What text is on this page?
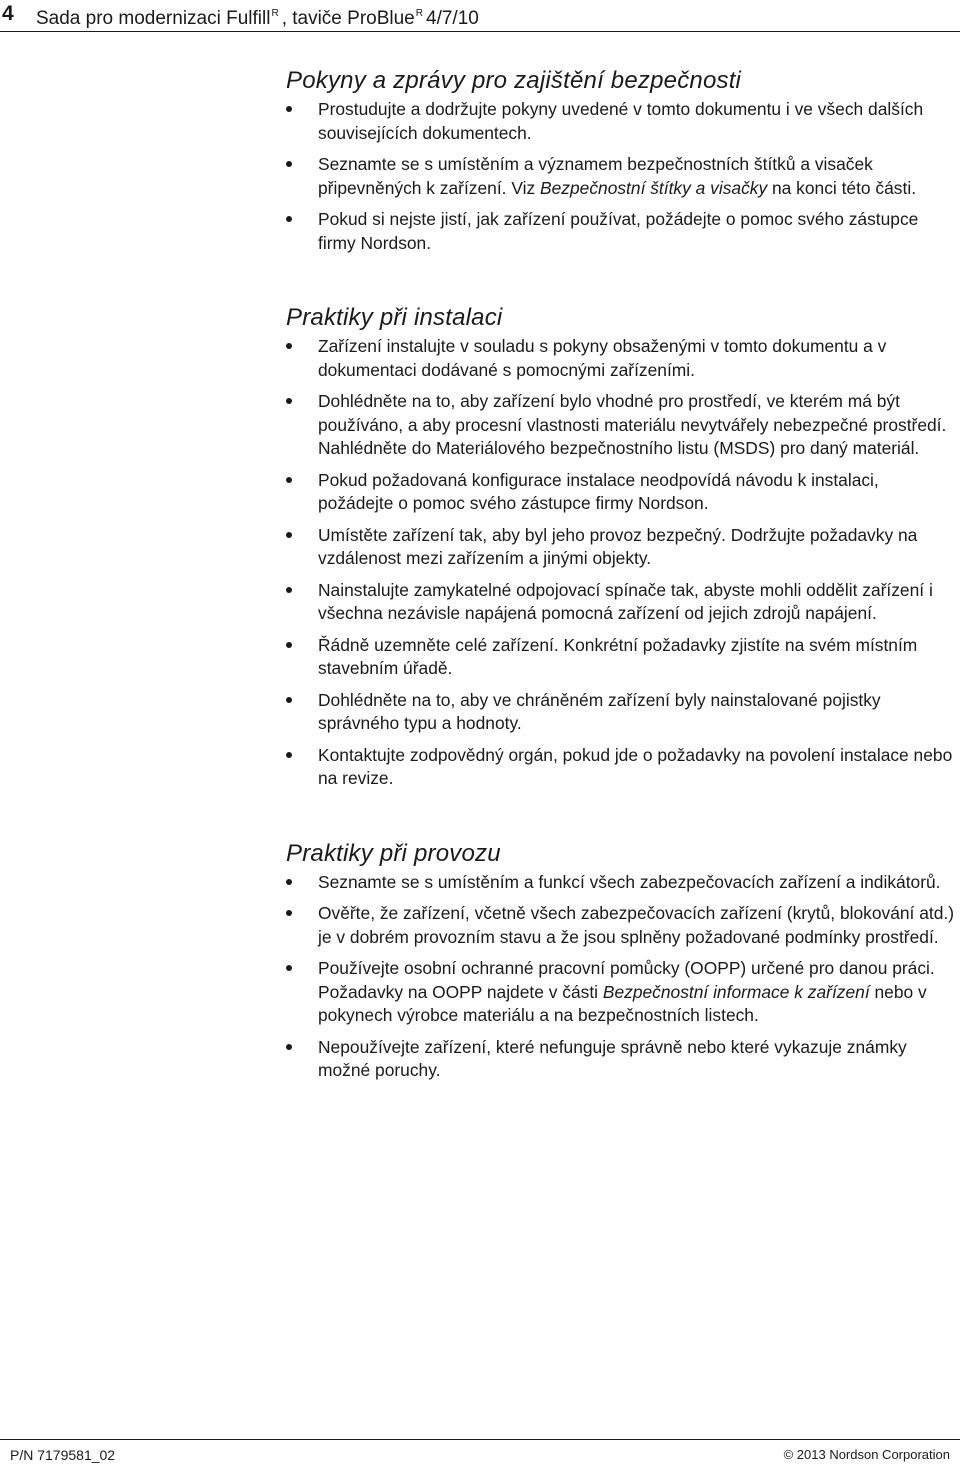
4 Sada pro modernizaci Fulfill$^R$ , taviče ProBlue$^R$ 4/7/10
Pokyny a zprávy pro zajištění bezpečnosti
Prostudujte a dodržujte pokyny uvedené v tomto dokumentu i ve všech dalších souvisejících dokumentech.
Seznamte se s umístěním a významem bezpečnostních štítků a visaček připevněných k zařízení. Viz Bezpečnostní štítky a visačky na konci této části.
Pokud si nejste jistí, jak zařízení používat, požádejte o pomoc svého zástupce firmy Nordson.
Praktiky při instalaci
Zařízení instalujte v souladu s pokyny obsaženými v tomto dokumentu a v dokumentaci dodávané s pomocnými zařízeními.
Dohlédněte na to, aby zařízení bylo vhodné pro prostředí, ve kterém má být používáno, a aby procesní vlastnosti materiálu nevytvářely nebezpečné prostředí. Nahlédněte do Materiálového bezpečnostního listu (MSDS) pro daný materiál.
Pokud požadovaná konfigurace instalace neodpovídá návodu k instalaci, požádejte o pomoc svého zástupce firmy Nordson.
Umístěte zařízení tak, aby byl jeho provoz bezpečný. Dodržujte požadavky na vzdálenost mezi zařízením a jinými objekty.
Nainstalujte zamykatelné odpojovací spínače tak, abyste mohli oddělit zařízení i všechna nezávisle napájená pomocná zařízení od jejich zdrojů napájení.
Řádně uzemněte celé zařízení. Konkrétní požadavky zjistíte na svém místním stavebním úřadě.
Dohlédněte na to, aby ve chráněném zařízení byly nainstalované pojistky správného typu a hodnoty.
Kontaktujte zodpovědný orgán, pokud jde o požadavky na povolení instalace nebo na revize.
Praktiky při provozu
Seznamte se s umístěním a funkcí všech zabezpečovacích zařízení a indikátorů.
Ověřte, že zařízení, včetně všech zabezpečovacích zařízení (krytů, blokování atd.) je v dobrém provozním stavu a že jsou splněny požadované podmínky prostředí.
Používejte osobní ochranné pracovní pomůcky (OOPP) určené pro danou práci. Požadavky na OOPP najdete v části Bezpečnostní informace k zařízení nebo v pokynech výrobce materiálu a na bezpečnostních listech.
Nepoužívejte zařízení, které nefunguje správně nebo které vykazuje známky možné poruchy.
P/N 7179581_02	© 2013 Nordson Corporation
